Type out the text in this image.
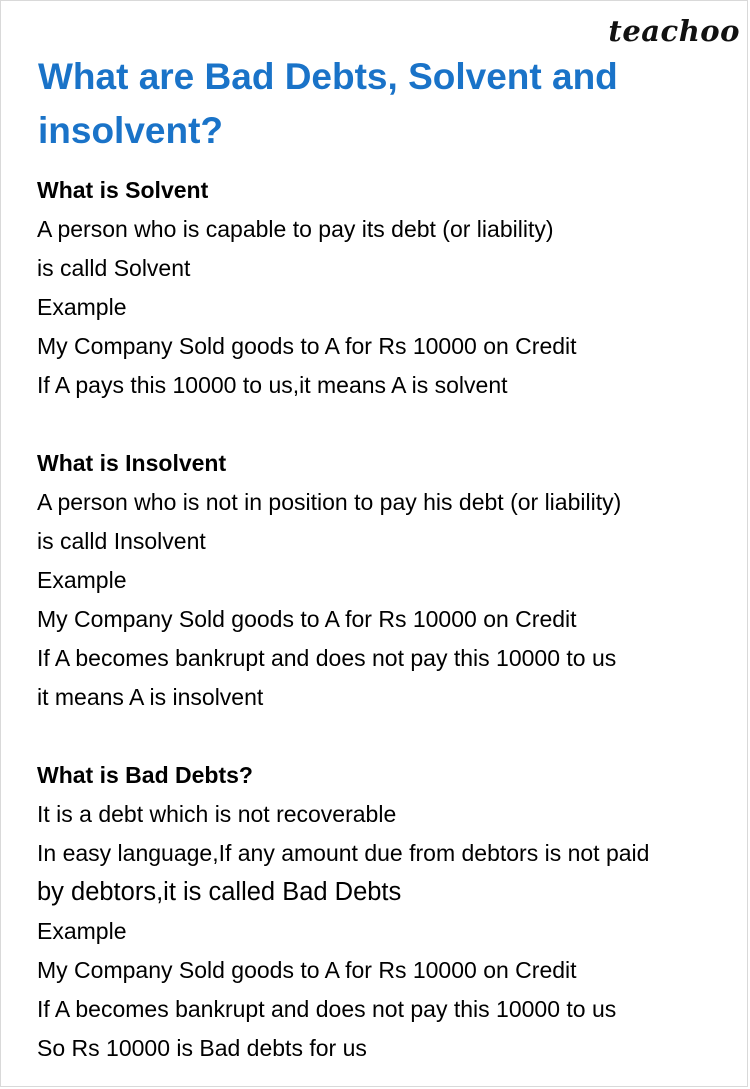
teachoo
What are Bad Debts, Solvent and insolvent?
What is Solvent
A person who is capable to pay its debt (or liability)
is calld Solvent
Example
My Company Sold goods to A for Rs 10000 on Credit
If A pays this 10000 to us,it means A is solvent
What is Insolvent
A person who is not in position to pay his debt (or liability)
is calld Insolvent
Example
My Company Sold goods to A for Rs 10000 on Credit
If A becomes bankrupt and does not pay this 10000 to us
it means A is insolvent
What is Bad Debts?
It is a debt which is not recoverable
In easy language,If any amount due from debtors is not paid
by debtors,it is called Bad Debts
Example
My Company Sold goods to A for Rs 10000 on Credit
If A becomes bankrupt and does not pay this 10000 to us
So Rs 10000 is Bad debts for us
